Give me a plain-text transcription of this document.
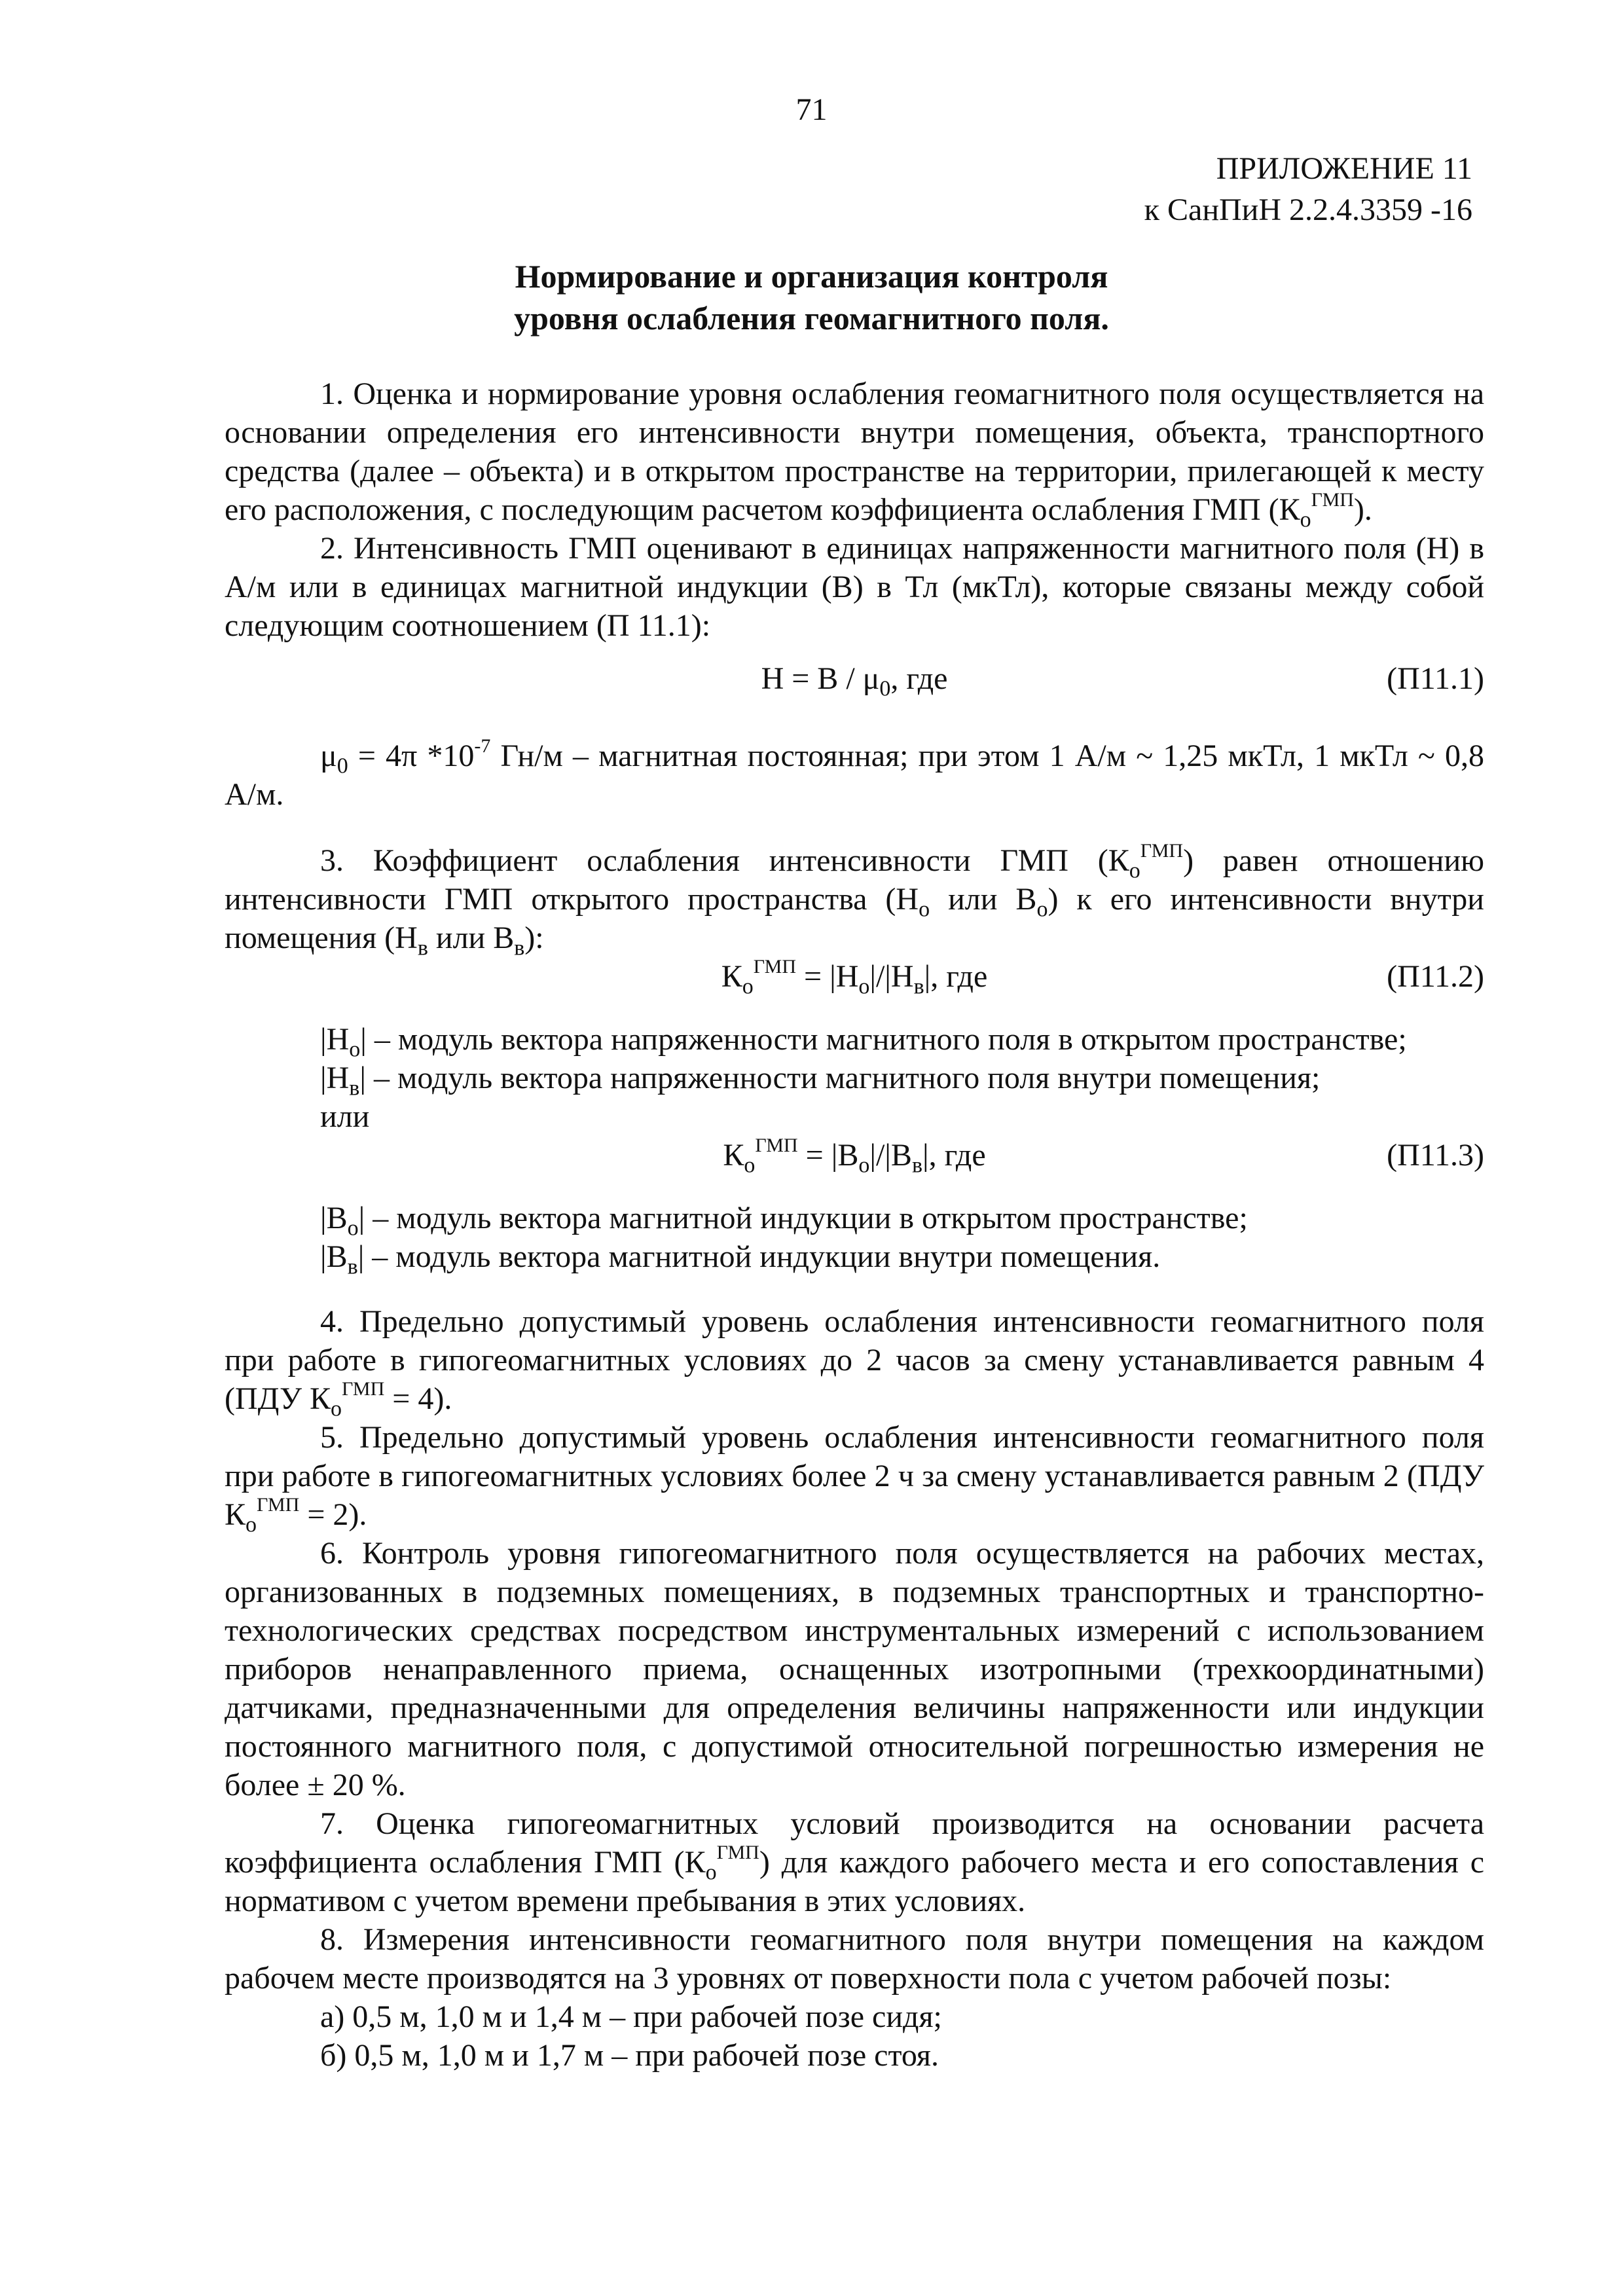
71
ПРИЛОЖЕНИЕ 11
к СанПиН 2.2.4.3359 -16
Нормирование и организация контроля
уровня ослабления геомагнитного поля.

1. Оценка и нормирование уровня ослабления геомагнитного поля осуществляется на основании определения его интенсивности внутри помещения, объекта, транспортного средства (далее – объекта) и в открытом пространстве на территории, прилегающей к месту его расположения, с последующим расчетом коэффициента ослабления ГМП $(К_о^{ГМП})$.

2. Интенсивность ГМП оценивают в единицах напряженности магнитного поля (Н) в А/м или в единицах магнитной индукции (В) в Тл (мкТл), которые связаны между собой следующим соотношением (П 11.1):

$Н = В / \mu_0$, где	(П11.1)

$\mu_0 = 4\pi$ $*10^{-7}$ Гн/м – магнитная постоянная; при этом 1 А/м ~ 1,25 мкТл, 1 мкТл ~ 0,8 А/м.

3. Коэффициент ослабления интенсивности ГМП $(К_о^{ГМП})$ равен отношению интенсивности ГМП открытого пространства ($Н_о$ или $В_о$) к его интенсивности внутри помещения ($Н_в$ или $В_в$):

$К_о^{ГМП} = |Н_о|/|Н_в|$, где	(П11.2)

$|Н_о|$ – модуль вектора напряженности магнитного поля в открытом пространстве;

$|Н_в|$ – модуль вектора напряженности магнитного поля внутри помещения;

или

$К_о^{ГМП} = |В_о|/|В_в|$, где	(П11.3)

$|В_о|$ – модуль вектора магнитной индукции в открытом пространстве;

$|В_в|$ – модуль вектора магнитной индукции внутри помещения.

4. Предельно допустимый уровень ослабления интенсивности геомагнитного поля при работе в гипогеомагнитных условиях до 2 часов за смену устанавливается равным 4 (ПДУ $К_о^{ГМП} = 4$).

5. Предельно допустимый уровень ослабления интенсивности геомагнитного поля при работе в гипогеомагнитных условиях более 2 ч за смену устанавливается равным 2 (ПДУ $К_о^{ГМП} = 2$).

6. Контроль уровня гипогеомагнитного поля осуществляется на рабочих местах, организованных в подземных помещениях, в подземных транспортных и транспортно-технологических средствах посредством инструментальных измерений с использованием приборов ненаправленного приема, оснащенных изотропными (трехкоординатными) датчиками, предназначенными для определения величины напряженности или индукции постоянного магнитного поля, с допустимой относительной погрешностью измерения не более ± 20 %.

7. Оценка гипогеомагнитных условий производится на основании расчета коэффициента ослабления ГМП $(К_о^{ГМП})$ для каждого рабочего места и его сопоставления с нормативом с учетом времени пребывания в этих условиях.

8. Измерения интенсивности геомагнитного поля внутри помещения на каждом рабочем месте производятся на 3 уровнях от поверхности пола с учетом рабочей позы:

а) 0,5 м, 1,0 м и 1,4 м – при рабочей позе сидя;

б) 0,5 м, 1,0 м и 1,7 м – при рабочей позе стоя.
